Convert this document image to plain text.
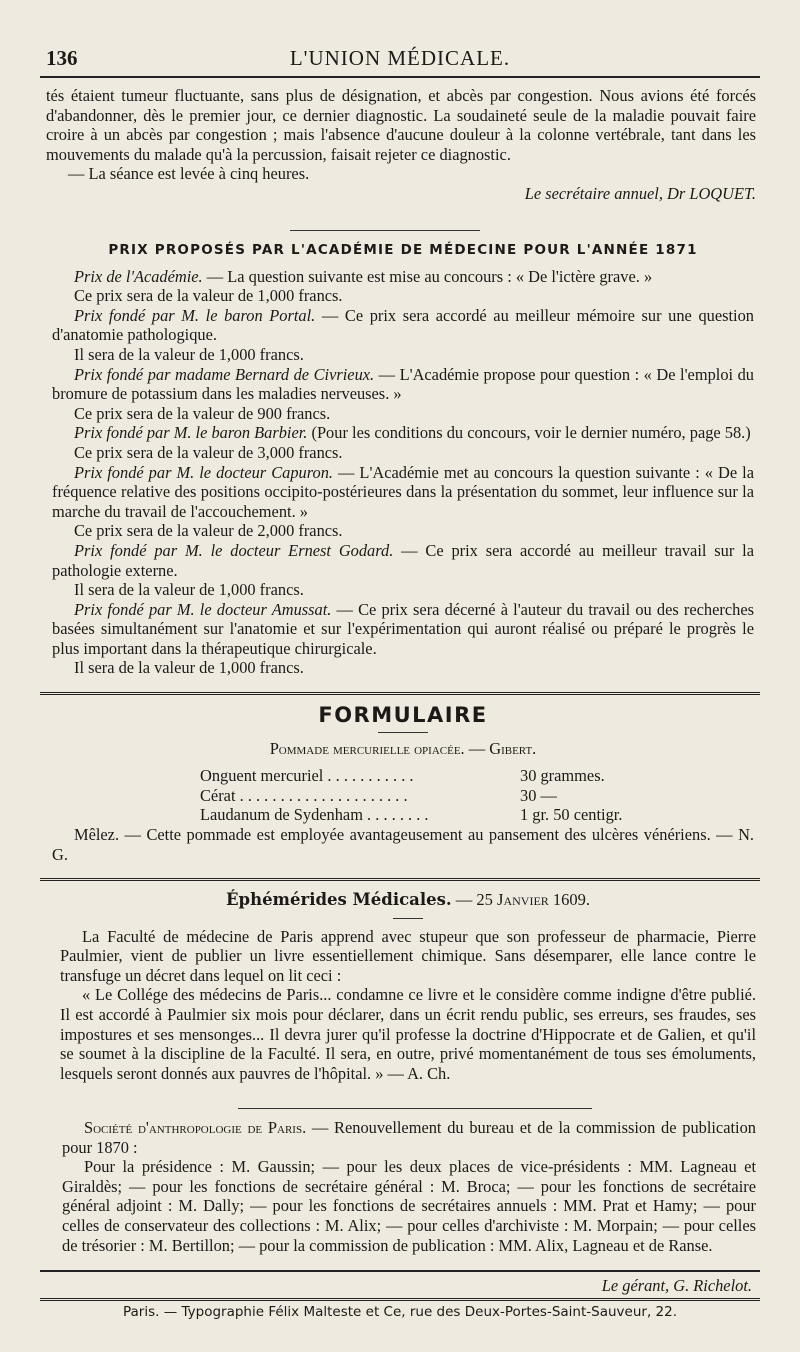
136	L'UNION MÉDICALE.

tés étaient tumeur fluctuante, sans plus de désignation, et abcès par congestion. Nous avions été forcés d'abandonner, dès le premier jour, ce dernier diagnostic. La soudaineté seule de la maladie pouvait faire croire à un abcès par congestion ; mais l'absence d'aucune douleur à la colonne vertébrale, tant dans les mouvements du malade qu'à la percussion, faisait rejeter ce diagnostic.

— La séance est levée à cinq heures.

Le secrétaire annuel, Dr LOQUET.

PRIX PROPOSÉS PAR L'ACADÉMIE DE MÉDECINE POUR L'ANNÉE 1871

Prix de l'Académie. — La question suivante est mise au concours : « De l'ictère grave. »

Ce prix sera de la valeur de 1,000 francs.

Prix fondé par M. le baron Portal. — Ce prix sera accordé au meilleur mémoire sur une question d'anatomie pathologique.

Il sera de la valeur de 1,000 francs.

Prix fondé par madame Bernard de Civrieux. — L'Académie propose pour question : « De l'emploi du bromure de potassium dans les maladies nerveuses. »

Ce prix sera de la valeur de 900 francs.

Prix fondé par M. le baron Barbier. (Pour les conditions du concours, voir le dernier numéro, page 58.)

Ce prix sera de la valeur de 3,000 francs.

Prix fondé par M. le docteur Capuron. — L'Académie met au concours la question suivante : « De la fréquence relative des positions occipito-postérieures dans la présentation du sommet, leur influence sur la marche du travail de l'accouchement. »

Ce prix sera de la valeur de 2,000 francs.

Prix fondé par M. le docteur Ernest Godard. — Ce prix sera accordé au meilleur travail sur la pathologie externe.

Il sera de la valeur de 1,000 francs.

Prix fondé par M. le docteur Amussat. — Ce prix sera décerné à l'auteur du travail ou des recherches basées simultanément sur l'anatomie et sur l'expérimentation qui auront réalisé ou préparé le progrès le plus important dans la thérapeutique chirurgicale.

Il sera de la valeur de 1,000 francs.

FORMULAIRE

Pommade mercurielle opiacée. — Gibert.

Onguent mercuriel . . . . . . . . . . .	30 grammes.
Cérat . . . . . . . . . . . . . . . . . . . . .	30 —
Laudanum de Sydenham . . . . . . . .	1 gr. 50 centigr.

Mêlez. — Cette pommade est employée avantageusement au pansement des ulcères vénériens. — N. G.

Éphémérides Médicales. — 25 Janvier 1609.

La Faculté de médecine de Paris apprend avec stupeur que son professeur de pharmacie, Pierre Paulmier, vient de publier un livre essentiellement chimique. Sans désemparer, elle lance contre le transfuge un décret dans lequel on lit ceci :

« Le Collége des médecins de Paris... condamne ce livre et le considère comme indigne d'être publié. Il est accordé à Paulmier six mois pour déclarer, dans un écrit rendu public, ses erreurs, ses fraudes, ses impostures et ses mensonges... Il devra jurer qu'il professe la doctrine d'Hippocrate et de Galien, et qu'il se soumet à la discipline de la Faculté. Il sera, en outre, privé momentanément de tous ses émoluments, lesquels seront donnés aux pauvres de l'hôpital. » — A. Ch.

Société d'anthropologie de Paris. — Renouvellement du bureau et de la commission de publication pour 1870 :

Pour la présidence : M. Gaussin; — pour les deux places de vice-présidents : MM. Lagneau et Giraldès; — pour les fonctions de secrétaire général : M. Broca; — pour les fonctions de secrétaire général adjoint : M. Dally; — pour les fonctions de secrétaires annuels : MM. Prat et Hamy; — pour celles de conservateur des collections : M. Alix; — pour celles d'archiviste : M. Morpain; — pour celles de trésorier : M. Bertillon; — pour la commission de publication : MM. Alix, Lagneau et de Ranse.

Le gérant, G. Richelot.
Paris. — Typographie Félix Malteste et Ce, rue des Deux-Portes-Saint-Sauveur, 22.
